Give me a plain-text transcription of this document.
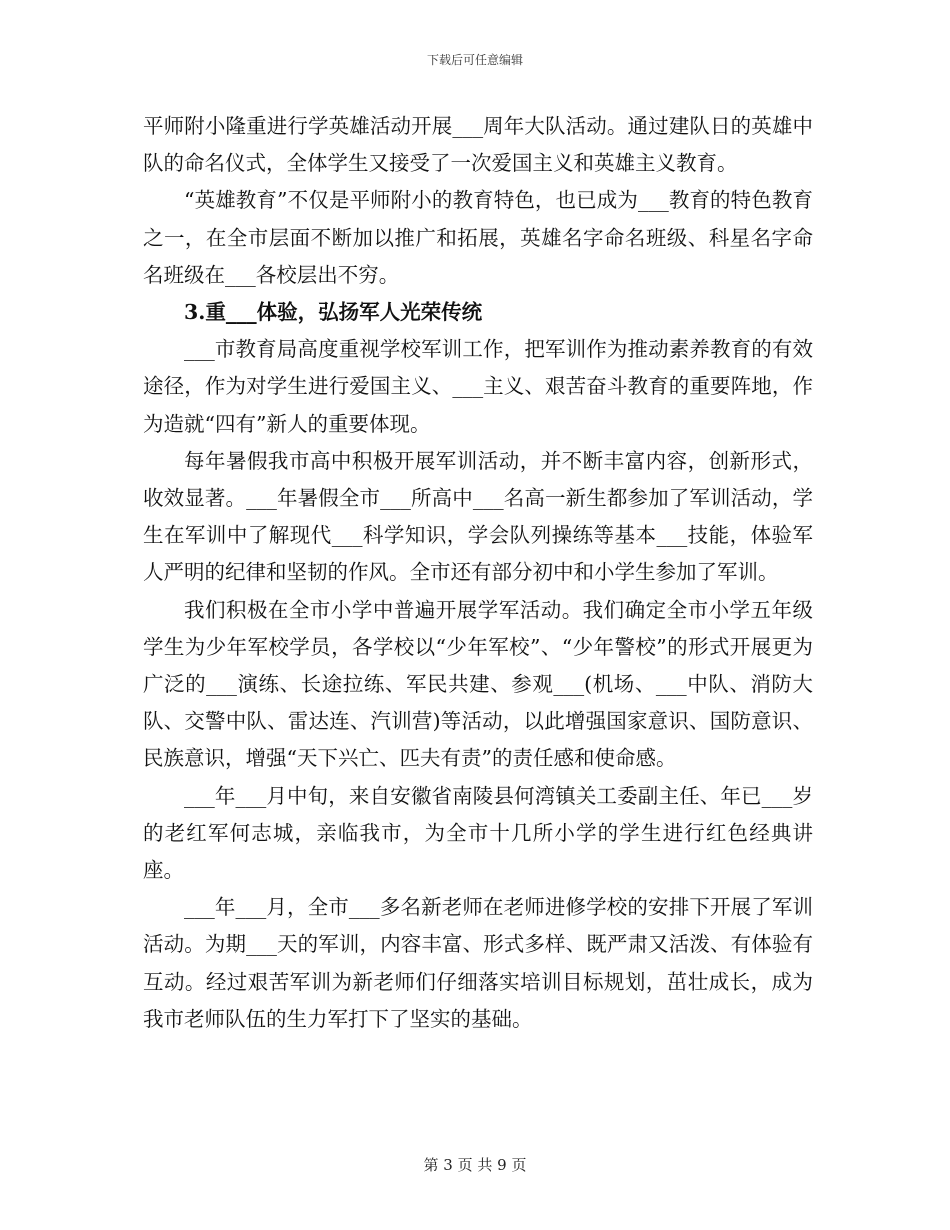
下载后可任意编辑

平师附小隆重进行学英雄活动开展___周年大队活动。通过建队日的英雄中队的命名仪式，全体学生又接受了一次爱国主义和英雄主义教育。

“英雄教育”不仅是平师附小的教育特色，也已成为___教育的特色教育之一，在全市层面不断加以推广和拓展，英雄名字命名班级、科星名字命名班级在___各校层出不穷。

3.重___体验，弘扬军人光荣传统

___市教育局高度重视学校军训工作，把军训作为推动素养教育的有效途径，作为对学生进行爱国主义、___主义、艰苦奋斗教育的重要阵地，作为造就“四有”新人的重要体现。

每年暑假我市高中积极开展军训活动，并不断丰富内容，创新形式，收效显著。___年暑假全市___所高中___名高一新生都参加了军训活动，学生在军训中了解现代___科学知识，学会队列操练等基本___技能，体验军人严明的纪律和坚韧的作风。全市还有部分初中和小学生参加了军训。

我们积极在全市小学中普遍开展学军活动。我们确定全市小学五年级学生为少年军校学员，各学校以“少年军校”、“少年警校”的形式开展更为广泛的___演练、长途拉练、军民共建、参观___(机场、___中队、消防大队、交警中队、雷达连、汽训营)等活动，以此增强国家意识、国防意识、民族意识，增强“天下兴亡、匹夫有责”的责任感和使命感。

___年___月中旬，来自安徽省南陵县何湾镇关工委副主任、年已___岁的老红军何志城，亲临我市，为全市十几所小学的学生进行红色经典讲座。

___年___月，全市___多名新老师在老师进修学校的安排下开展了军训活动。为期___天的军训，内容丰富、形式多样、既严肃又活泼、有体验有互动。经过艰苦军训为新老师们仔细落实培训目标规划，茁壮成长，成为我市老师队伍的生力军打下了坚实的基础。

第 3 页 共 9 页
